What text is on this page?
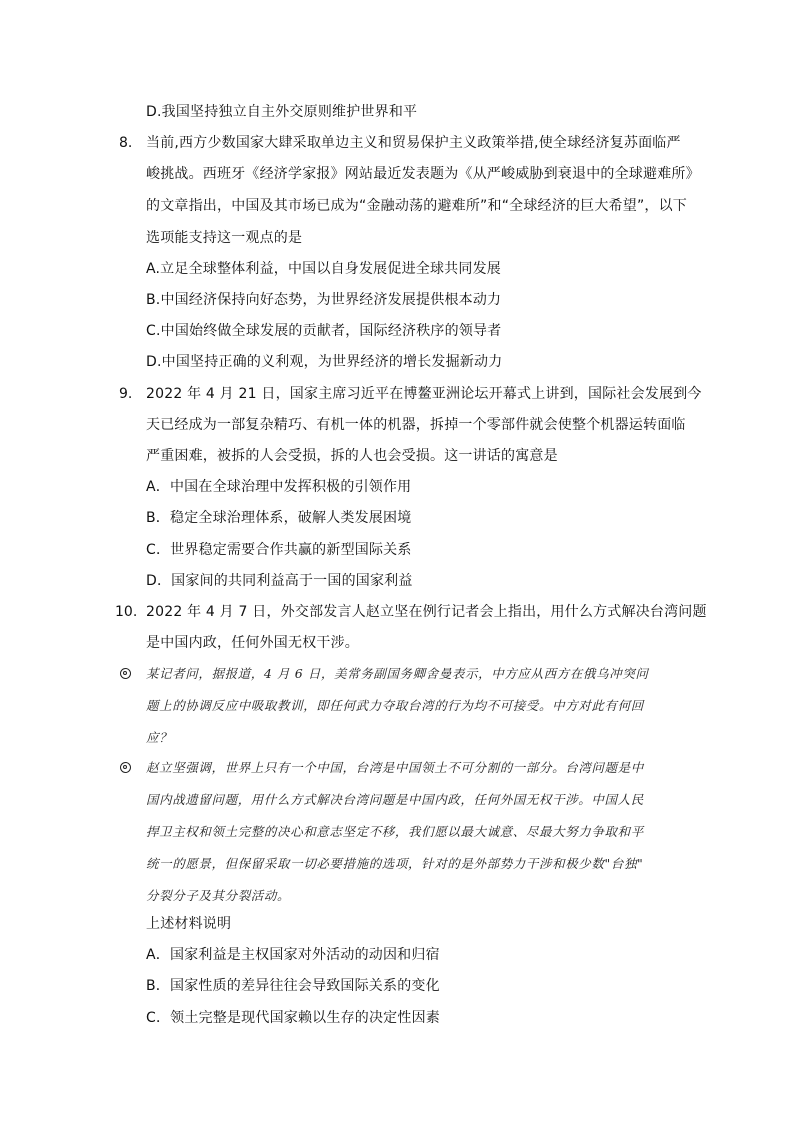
D.我国坚持独立自主外交原则维护世界和平
8. 当前,西方少数国家大肆采取单边主义和贸易保护主义政策举措,使全球经济复苏面临严
峻挑战。西班牙《经济学家报》网站最近发表题为《从严峻威胁到衰退中的全球避难所》
的文章指出，中国及其市场已成为“金融动荡的避难所”和“全球经济的巨大希望”，以下
选项能支持这一观点的是
A.立足全球整体利益，中国以自身发展促进全球共同发展
B.中国经济保持向好态势，为世界经济发展提供根本动力
C.中国始终做全球发展的贡献者，国际经济秩序的领导者
D.中国坚持正确的义利观，为世界经济的增长发掘新动力
9. 2022 年 4 月 21 日，国家主席习近平在博鳌亚洲论坛开幕式上讲到，国际社会发展到今
天已经成为一部复杂精巧、有机一体的机器，拆掉一个零部件就会使整个机器运转面临
严重困难，被拆的人会受损，拆的人也会受损。这一讲话的寓意是
A．中国在全球治理中发挥积极的引领作用
B．稳定全球治理体系，破解人类发展困境
C．世界稳定需要合作共赢的新型国际关系
D．国家间的共同利益高于一国的国家利益
10. 2022 年 4 月 7 日，外交部发言人赵立坚在例行记者会上指出，用什么方式解决台湾问题
是中国内政，任何外国无权干涉。
某记者问，据报道，4 月 6 日，美常务副国务卿舍曼表示，中方应从西方在俄乌冲突问
题上的协调反应中吸取教训，即任何武力夺取台湾的行为均不可接受。中方对此有何回
应？
赵立坚强调，世界上只有一个中国，台湾是中国领土不可分割的一部分。台湾问题是中
国内战遗留问题，用什么方式解决台湾问题是中国内政，任何外国无权干涉。中国人民
捍卫主权和领土完整的决心和意志坚定不移，我们愿以最大诚意、尽最大努力争取和平
统一的愿景，但保留采取一切必要措施的选项，针对的是外部势力干涉和极少数"台独"
分裂分子及其分裂活动。
上述材料说明
A．国家利益是主权国家对外活动的动因和归宿
B．国家性质的差异往往会导致国际关系的变化
C．领土完整是现代国家赖以生存的决定性因素
